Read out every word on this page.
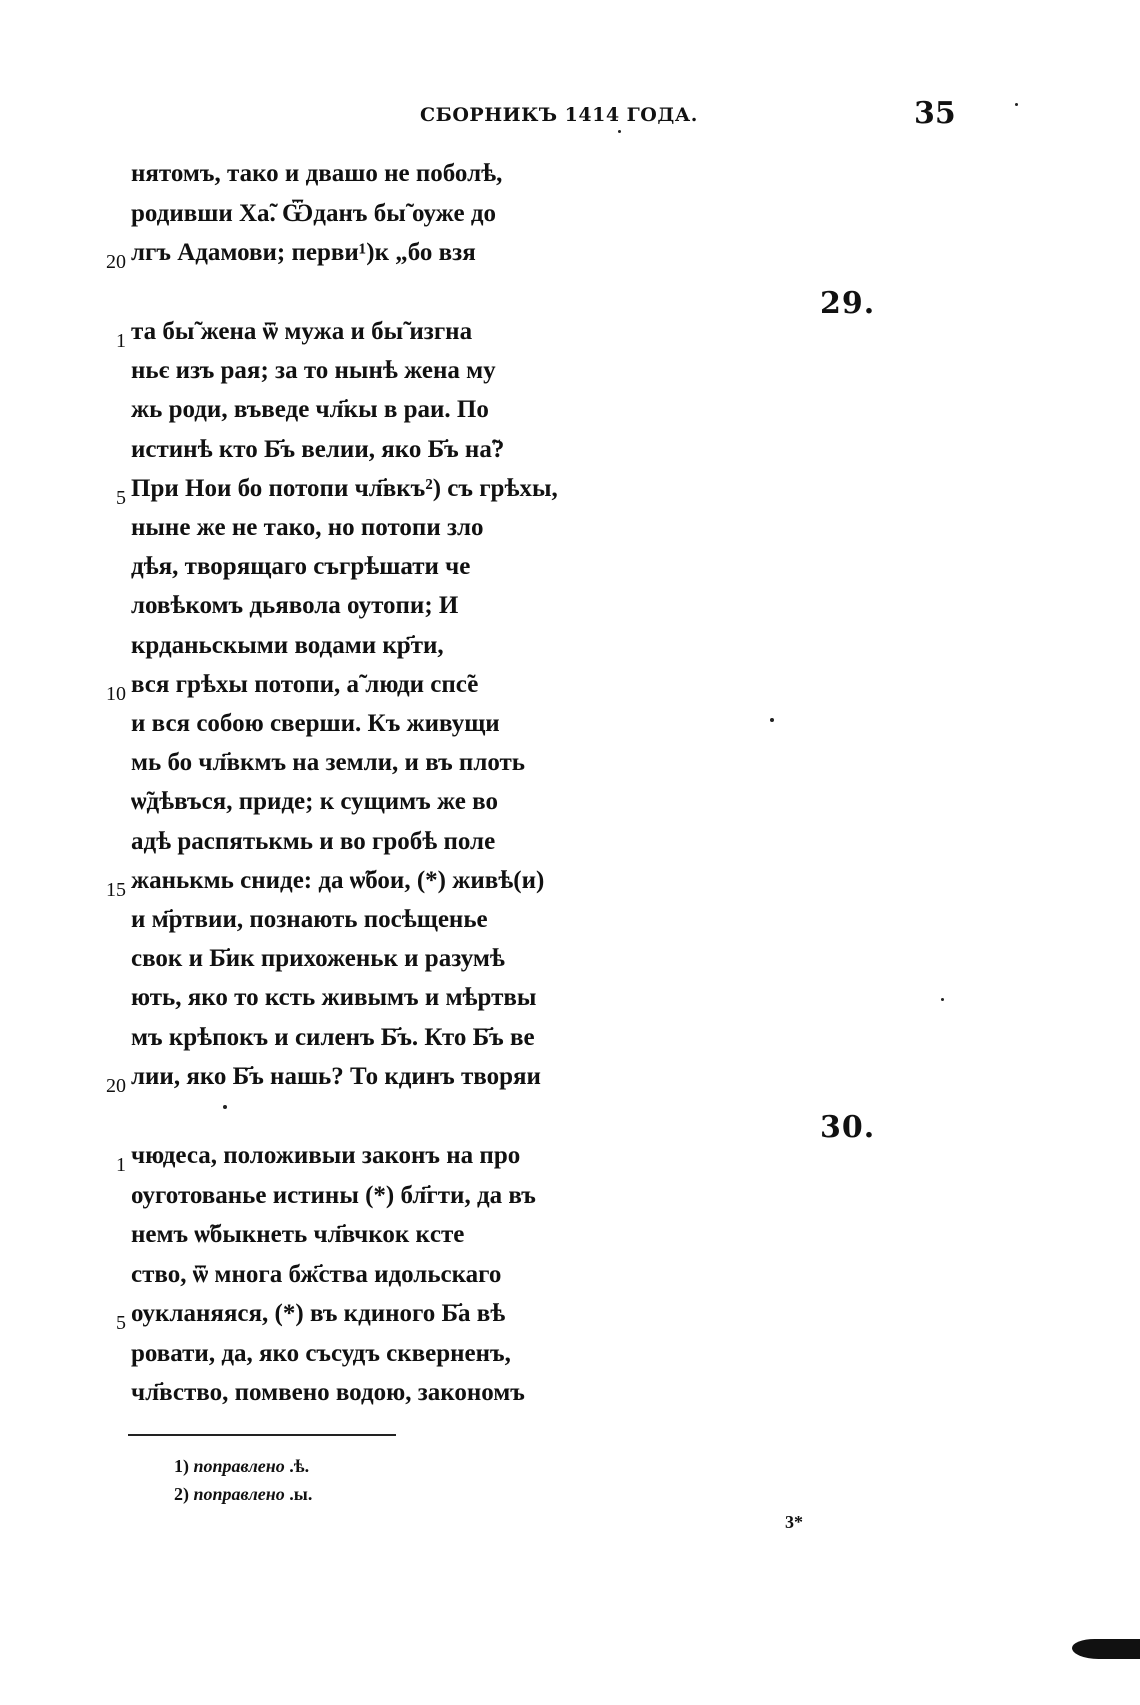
СБОРНИКЪ 1414 ГОДА.	35
нятомъ, тако и двашо не поболѣ,
родивши Ха̃. Ѿданъ бы̃ оуже до
20 лгъ Адамови; перви¹)к „бо взя
29.
1 та бы̃ жена ѿ мужа и бы̃ изгна
ньє изъ рая; за то нынѣ жена му
жь роди, въведе чл҃кы в раи. По
истинѣ кто Б҃ъ велии, яко Б҃ъ на̃?
5 При Нои бо потопи чл҃вкъ²) съ грѣхы,
ныне же не тако, но потопи зло
дѣя, творящаго съгрѣшати че
ловѣкомъ дьявола оутопи; И
крданьскыми водами кр҃ти,
10 вся грѣхы потопи, а̃ люди спс̃е
и вся собою сверши. Къ живущи
мь бо чл҃вкмъ на земли, и въ плоть
ѡ̃дѣвъся, приде; к сущимъ же во
адѣ распятькмь и во гробѣ поле
15 жанькмь сниде: да ѡ̃бои, (*) живѣ(и)
и м҃ртвии, познають посѣщенье
свок и Б҃ик прихоженьк и разумѣ
ють, яко то ксть живымъ и мѣртвы
мъ крѣпокъ и силенъ Б҃ъ. Кто Б҃ъ ве
20 лии, яко Б҃ъ нашь? То кдинъ творяи
30.
1 чюдеса, положивыи законъ на про
оуготованье истины (*) бл҃гти, да въ
немъ ѡ̃быкнеть чл҃вчкок кcте
ство, ѿ многа бж҃ства идольскаго
5 оукланяяся, (*) въ кдиного Б҃а вѣ
ровати, да, яко съсудъ скверненъ,
чл҃вство, помвено водою, закономъ
1) поправлено .ѣ.
2) поправлено .ы.
3*
